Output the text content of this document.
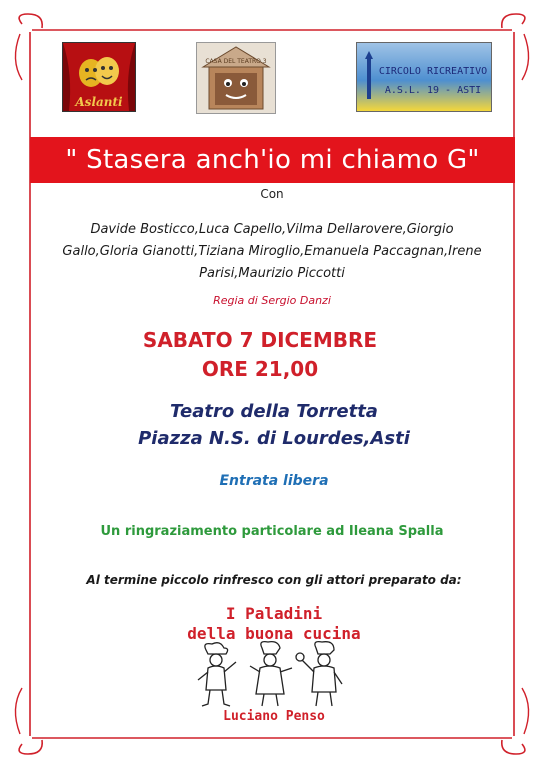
Aslanti
CASA DEL TEATRO 3
CIRCOLO RICREATIVO
A.S.L. 19 - ASTI
" Stasera anch'io mi chiamo G"
Con
Davide Bosticco,Luca Capello,Vilma Dellarovere,Giorgio
Gallo,Gloria Gianotti,Tiziana Miroglio,Emanuela Paccagnan,Irene
Parisi,Maurizio Piccotti
Regia di Sergio Danzi
SABATO 7 DICEMBRE
ORE 21,00
Teatro della Torretta
Piazza N.S. di Lourdes,Asti
Entrata libera
Un ringraziamento particolare ad Ileana Spalla
Al termine piccolo rinfresco con gli attori preparato da:
I Paladini
della buona cucina
Luciano Penso
